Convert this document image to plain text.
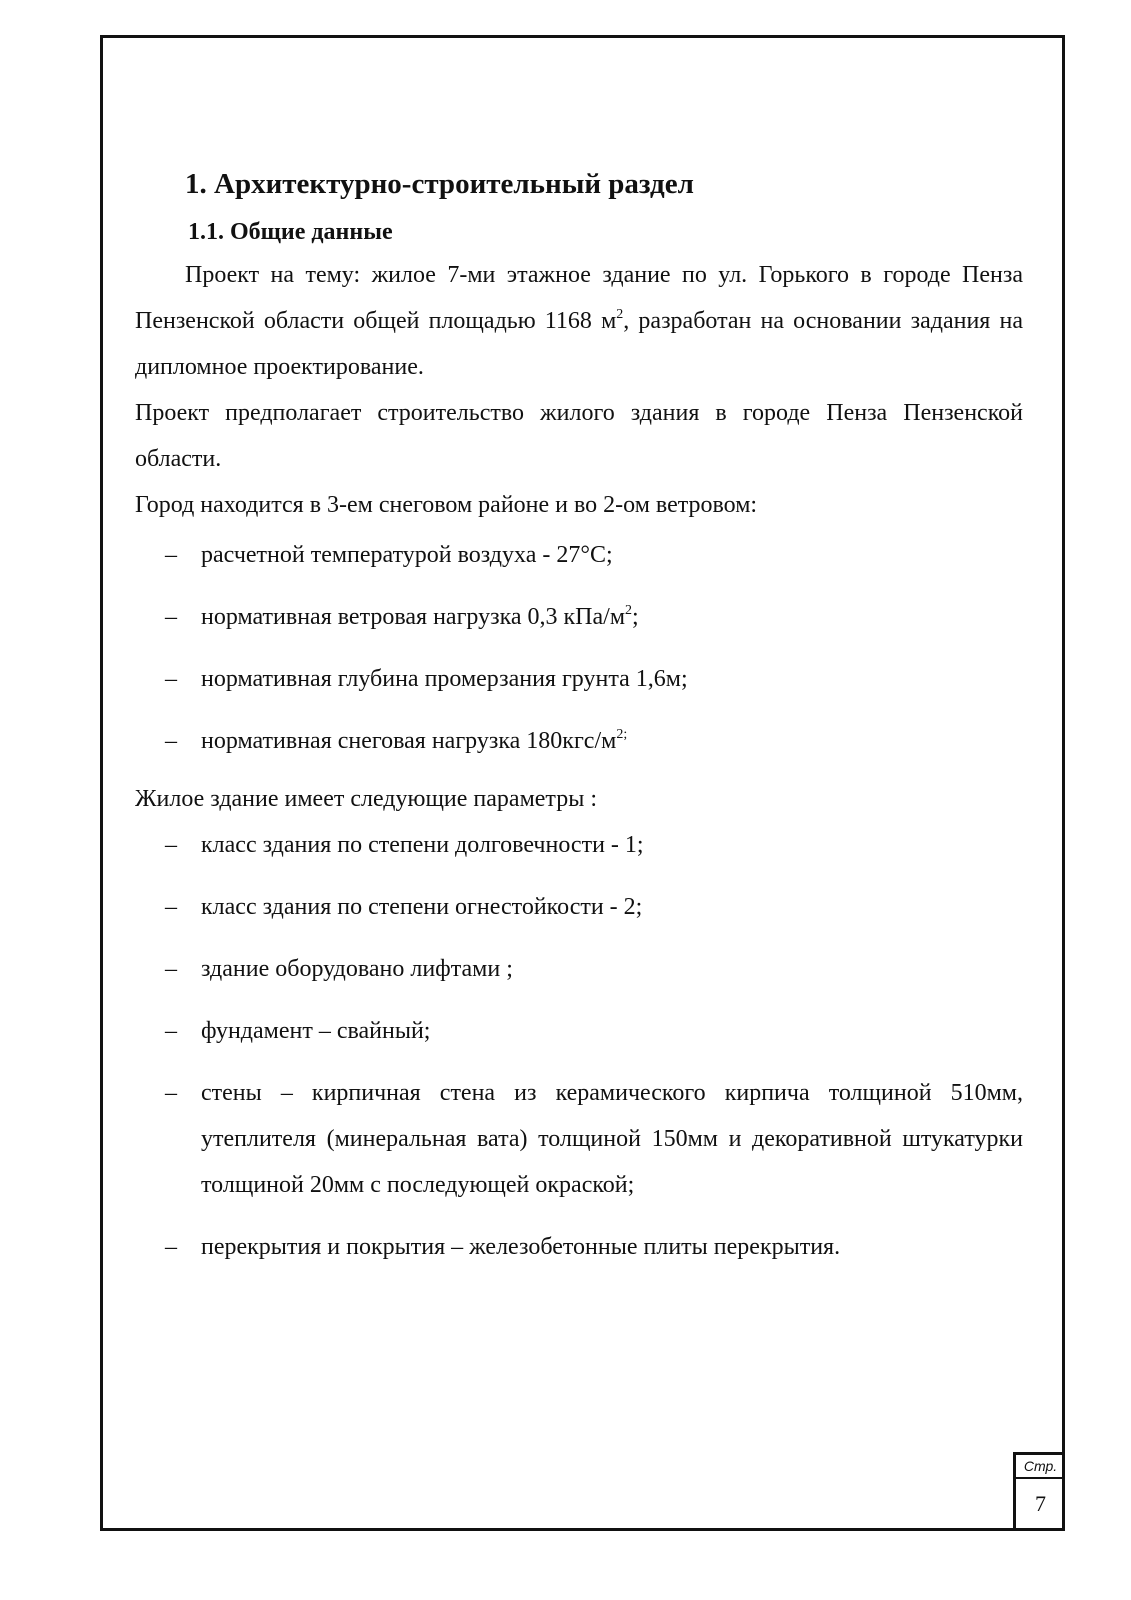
1. Архитектурно-строительный раздел
1.1. Общие данные

Проект на тему: жилое 7-ми этажное здание по ул. Горького в городе Пенза Пензенской области общей площадью 1168 $м^2$, разработан на основании задания на дипломное проектирование.

Проект предполагает строительство жилого здания в городе Пенза Пензенской области.

Город находится в 3-ем снеговом районе и во 2-ом ветровом:

– расчетной температурой воздуха - 27°С;
– нормативная ветровая нагрузка 0,3 кПа/$м^2$;
– нормативная глубина промерзания грунта 1,6м;
– нормативная снеговая нагрузка $180кгс/м^{2;}$

Жилое здание имеет следующие параметры :

– класс здания по степени долговечности - 1;
– класс здания по степени огнестойкости - 2;
– здание оборудовано лифтами ;
– фундамент – свайный;
– стены – кирпичная стена из керамического кирпича толщиной 510мм, утеплителя (минеральная вата) толщиной 150мм и декоративной штукатурки толщиной 20мм с последующей окраской;
– перекрытия и покрытия – железобетонные плиты перекрытия.
Стр.
7
